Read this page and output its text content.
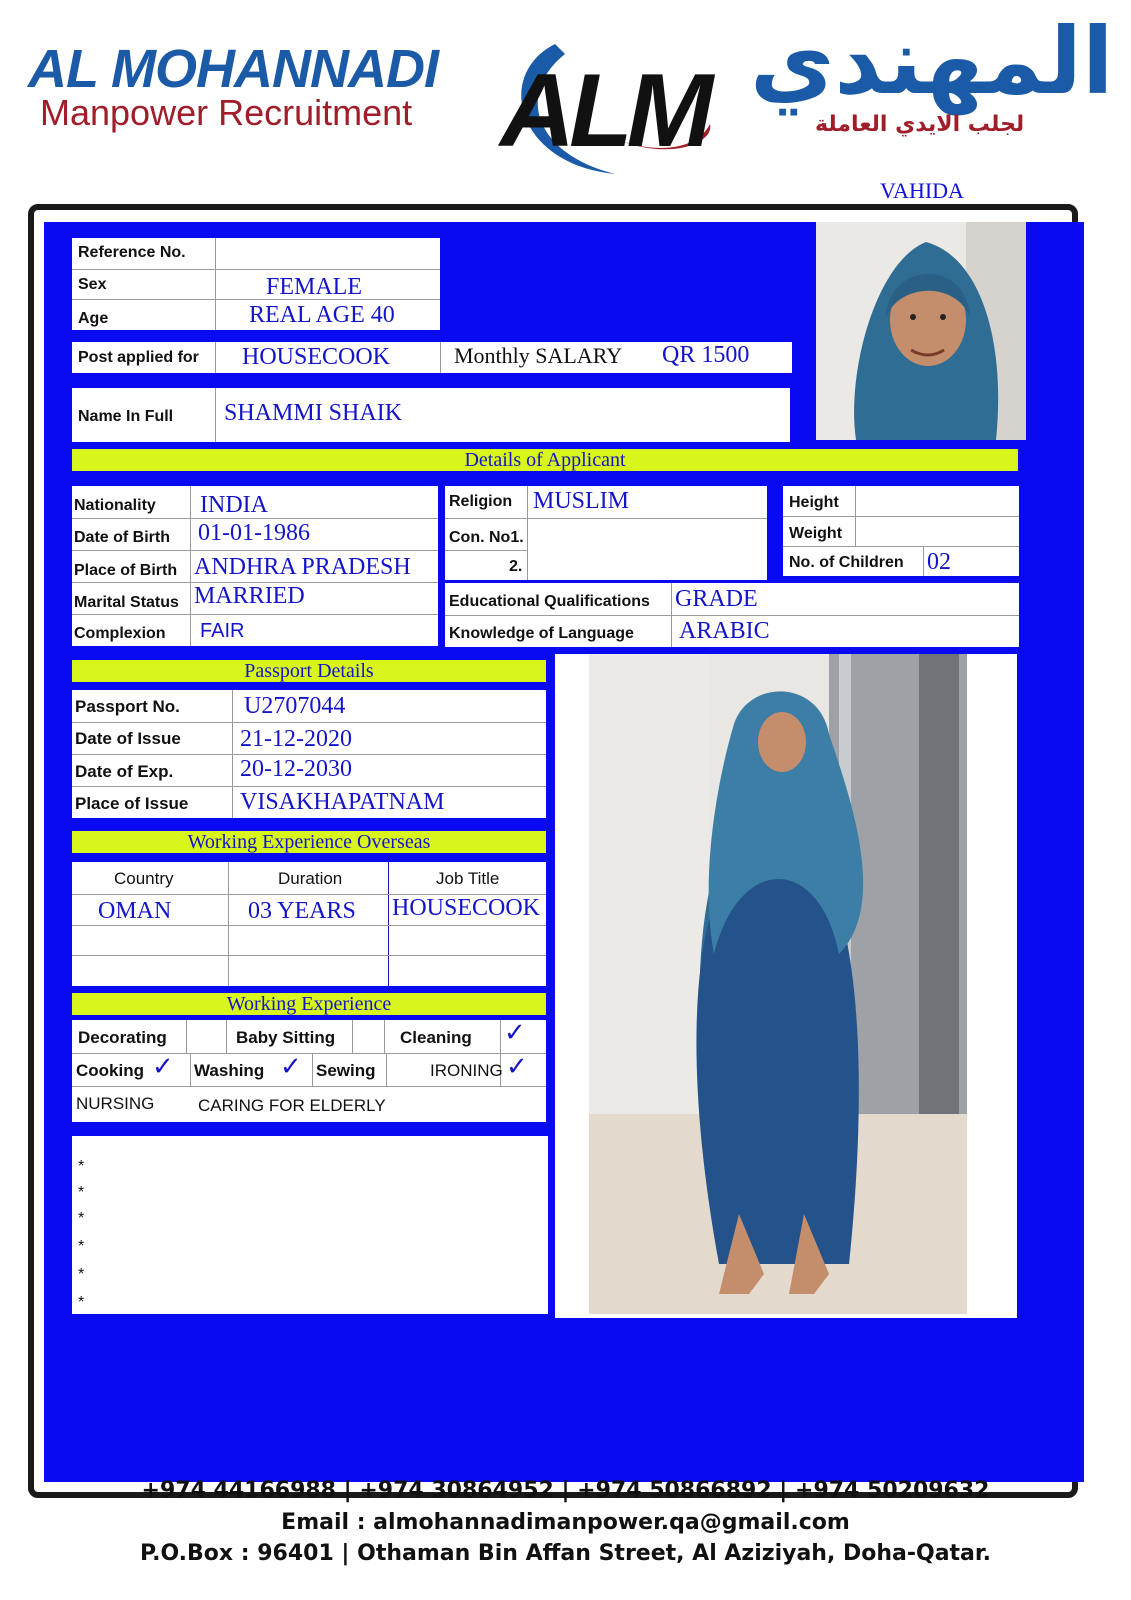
AL MOHANNADI
Manpower Recruitment ALM المهندي
لجلب الايدي العاملة
VAHIDA
Reference No.
Sex	FEMALE
Age	REAL AGE 40
Post applied for HOUSECOOK	Monthly SALARY QR 1500
Name In Full SHAMMI SHAIK
Details of Applicant
Nationality INDIA
Date of Birth 01-01-1986
Place of Birth ANDHRA PRADESH
Marital Status MARRIED
Complexion FAIR
Religion MUSLIM
Con. No1.
2.
Height
Weight
No. of Children 02
Educational Qualifications GRADE
Knowledge of Language ARABIC
Passport Details
Passport No.	U2707044
Date of Issue 21-12-2020
Date of Exp.	20-12-2030
Place of Issue VISAKHAPATNAM
Working Experience Overseas
Country	Duration	Job Title
OMAN	03 YEARS HOUSECOOK
Working Experience
Decorating	Baby Sitting	Cleaning ✓
Cooking ✓ Washing ✓ Sewing	IRONING ✓
NURSING	CARING FOR ELDERLY
*
*
*
*
*
*
+974 44166988 | +974 30864952 | +974 50866892 | +974 50209632
Email : almohannadimanpower.qa@gmail.com
P.O.Box : 96401 | Othaman Bin Affan Street, Al Aziziyah, Doha-Qatar.
